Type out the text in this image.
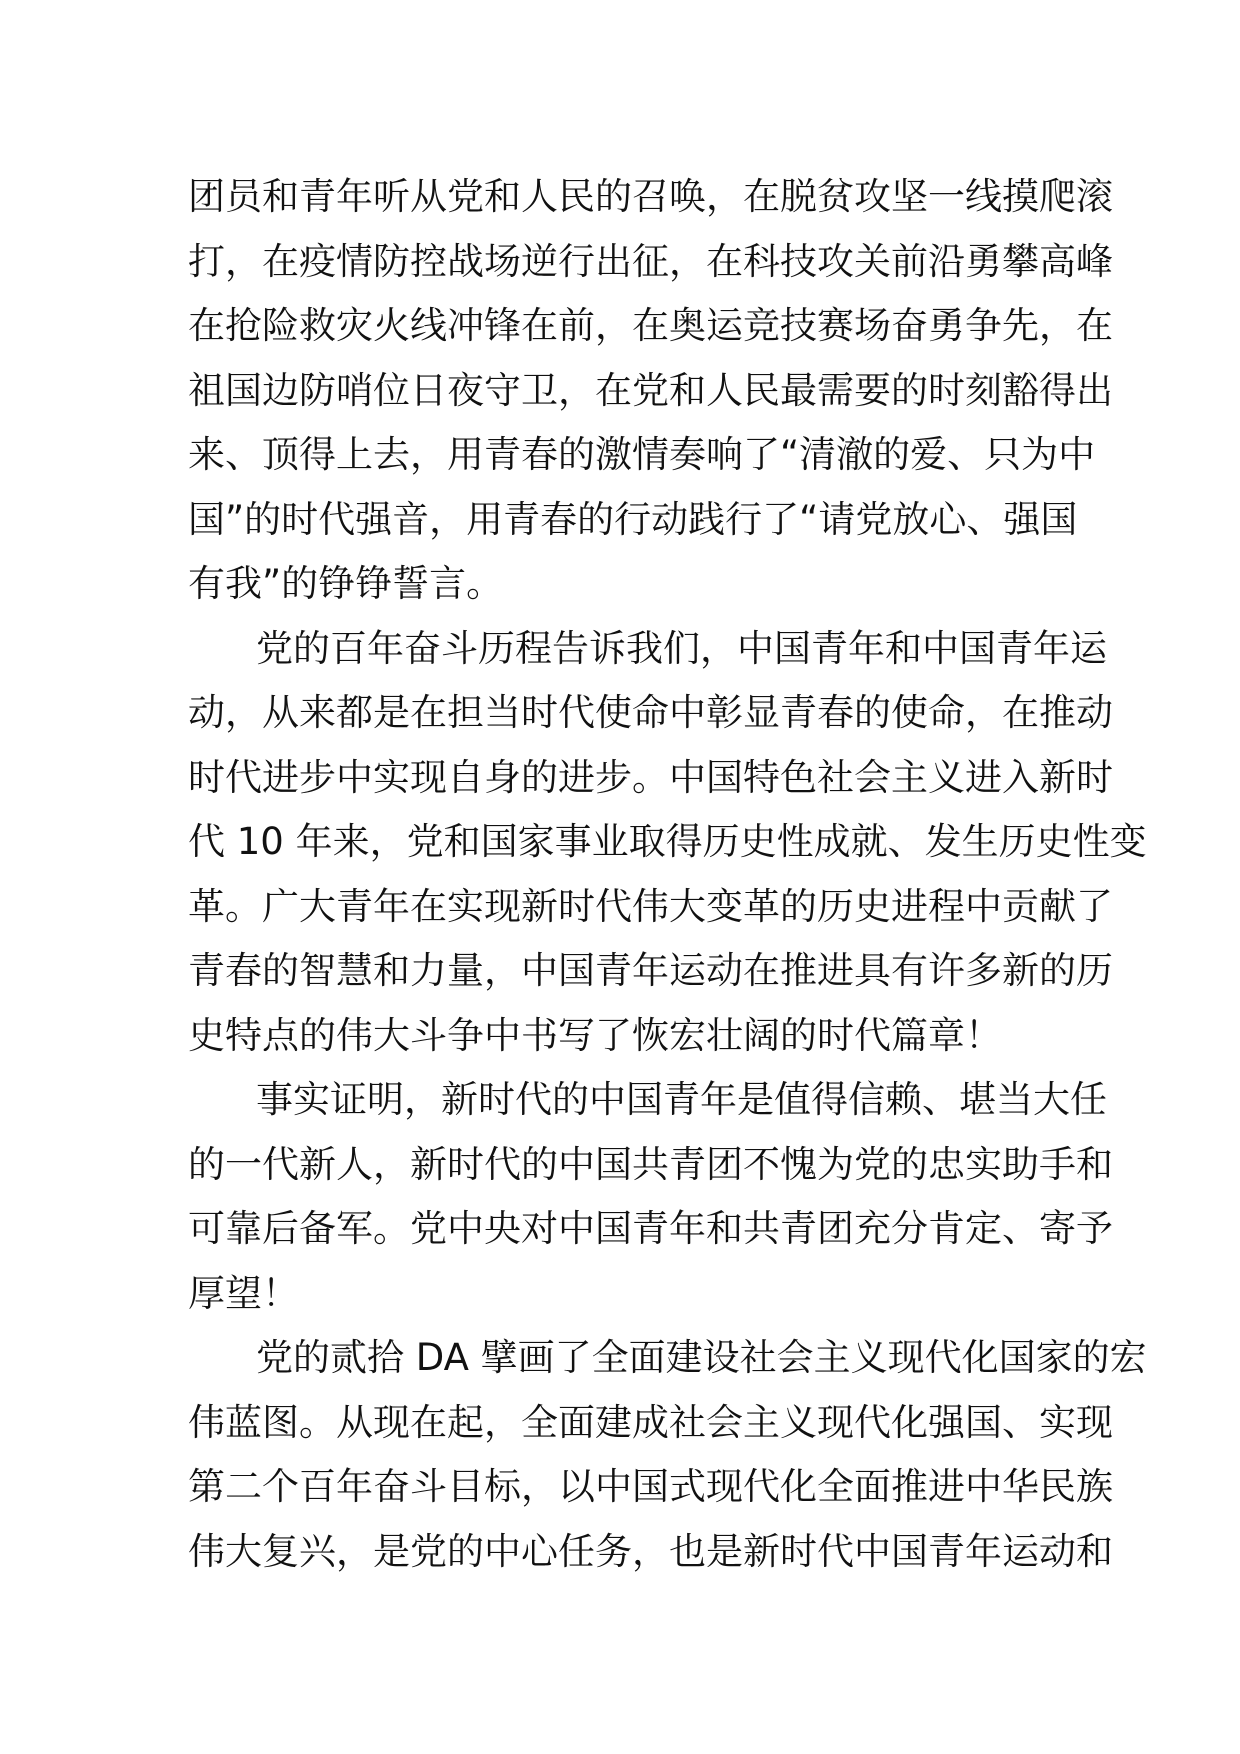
团员和青年听从党和人民的召唤，在脱贫攻坚一线摸爬滚
打，在疫情防控战场逆行出征，在科技攻关前沿勇攀高峰
在抢险救灾火线冲锋在前，在奥运竞技赛场奋勇争先，在
祖国边防哨位日夜守卫，在党和人民最需要的时刻豁得出
来、顶得上去，用青春的激情奏响了“清澈的爱、只为中
国”的时代强音，用青春的行动践行了“请党放心、强国
有我”的铮铮誓言。
党的百年奋斗历程告诉我们，中国青年和中国青年运
动，从来都是在担当时代使命中彰显青春的使命，在推动
时代进步中实现自身的进步。中国特色社会主义进入新时
代 10 年来，党和国家事业取得历史性成就、发生历史性变
革。广大青年在实现新时代伟大变革的历史进程中贡献了
青春的智慧和力量，中国青年运动在推进具有许多新的历
史特点的伟大斗争中书写了恢宏壮阔的时代篇章！
事实证明，新时代的中国青年是值得信赖、堪当大任
的一代新人，新时代的中国共青团不愧为党的忠实助手和
可靠后备军。党中央对中国青年和共青团充分肯定、寄予
厚望！
党的贰拾 DA 擘画了全面建设社会主义现代化国家的宏
伟蓝图。从现在起，全面建成社会主义现代化强国、实现
第二个百年奋斗目标，以中国式现代化全面推进中华民族
伟大复兴，是党的中心任务，也是新时代中国青年运动和
